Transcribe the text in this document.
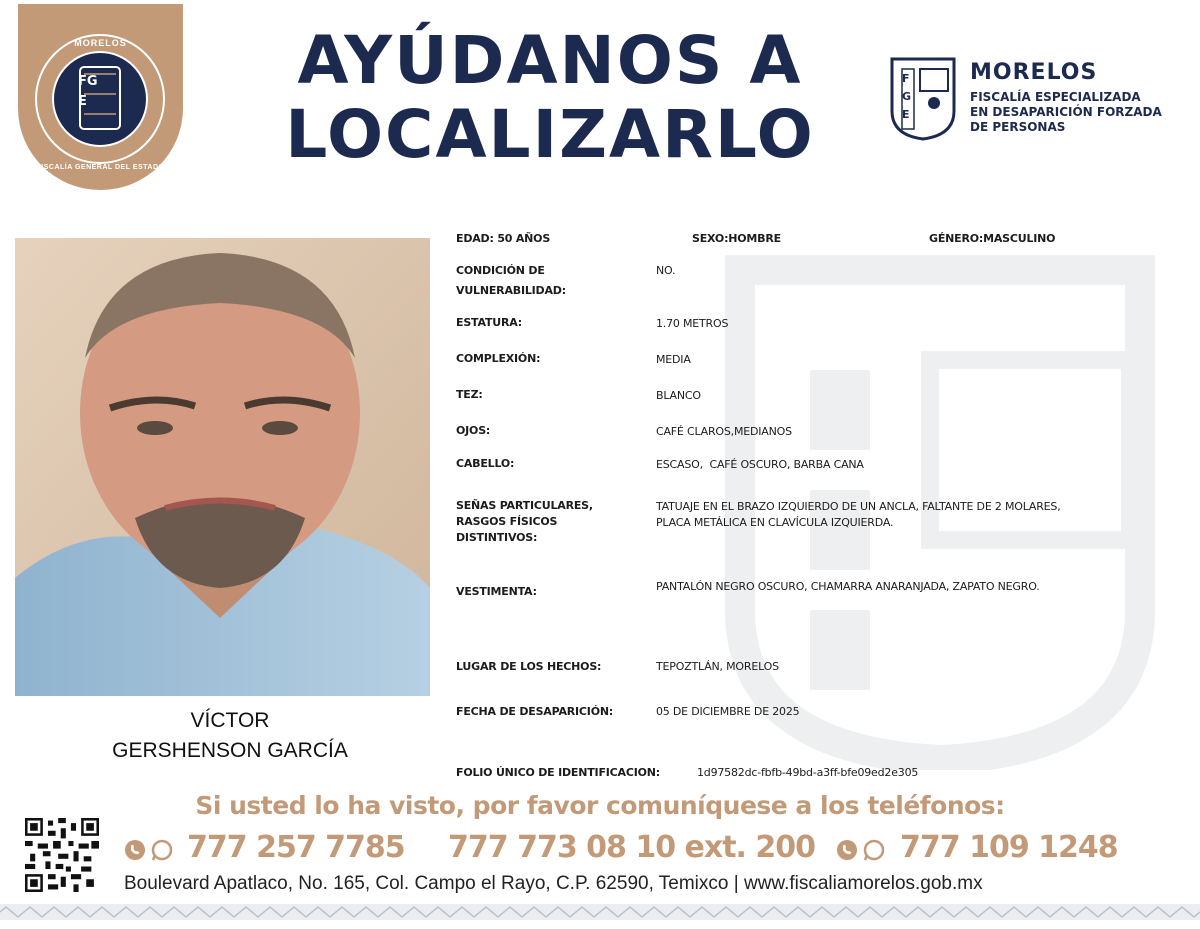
FGE
MORELOS
FISCALÍA GENERAL DEL ESTADO
AYÚDANOS A
LOCALIZARLO
FGE
MORELOS
FISCALÍA ESPECIALIZADA
EN DESAPARICIÓN FORZADA
DE PERSONAS
VÍCTOR
GERSHENSON GARCÍA
EDAD: 50 AÑOS	SEXO:HOMBRE	GÉNERO:MASCULINO
CONDICIÓN DE
VULNERABILIDAD:
NO.
ESTATURA:	1.70 METROS
COMPLEXIÓN:	MEDIA
TEZ:	BLANCO
OJOS:	CAFÉ CLAROS,MEDIANOS
CABELLO:	ESCASO,  CAFÉ OSCURO, BARBA CANA
SEÑAS PARTICULARES,
RASGOS FÍSICOS
DISTINTIVOS:
TATUAJE EN EL BRAZO IZQUIERDO DE UN ANCLA, FALTANTE DE 2 MOLARES,
PLACA METÁLICA EN CLAVÍCULA IZQUIERDA.
VESTIMENTA:	PANTALÓN NEGRO OSCURO, CHAMARRA ANARANJADA, ZAPATO NEGRO.
LUGAR DE LOS HECHOS:	TEPOZTLÁN, MORELOS
FECHA DE DESAPARICIÓN:	05 DE DICIEMBRE DE 2025
FOLIO ÚNICO DE IDENTIFICACION:	1d97582dc-fbfb-49bd-a3ff-bfe09ed2e305
Si usted lo ha visto, por favor comuníquese a los teléfonos:
777 257 7785 777 773 08 10 ext. 200	777 109 1248
Boulevard Apatlaco, No. 165, Col. Campo el Rayo, C.P. 62590, Temixco | www.fiscaliamorelos.gob.mx
